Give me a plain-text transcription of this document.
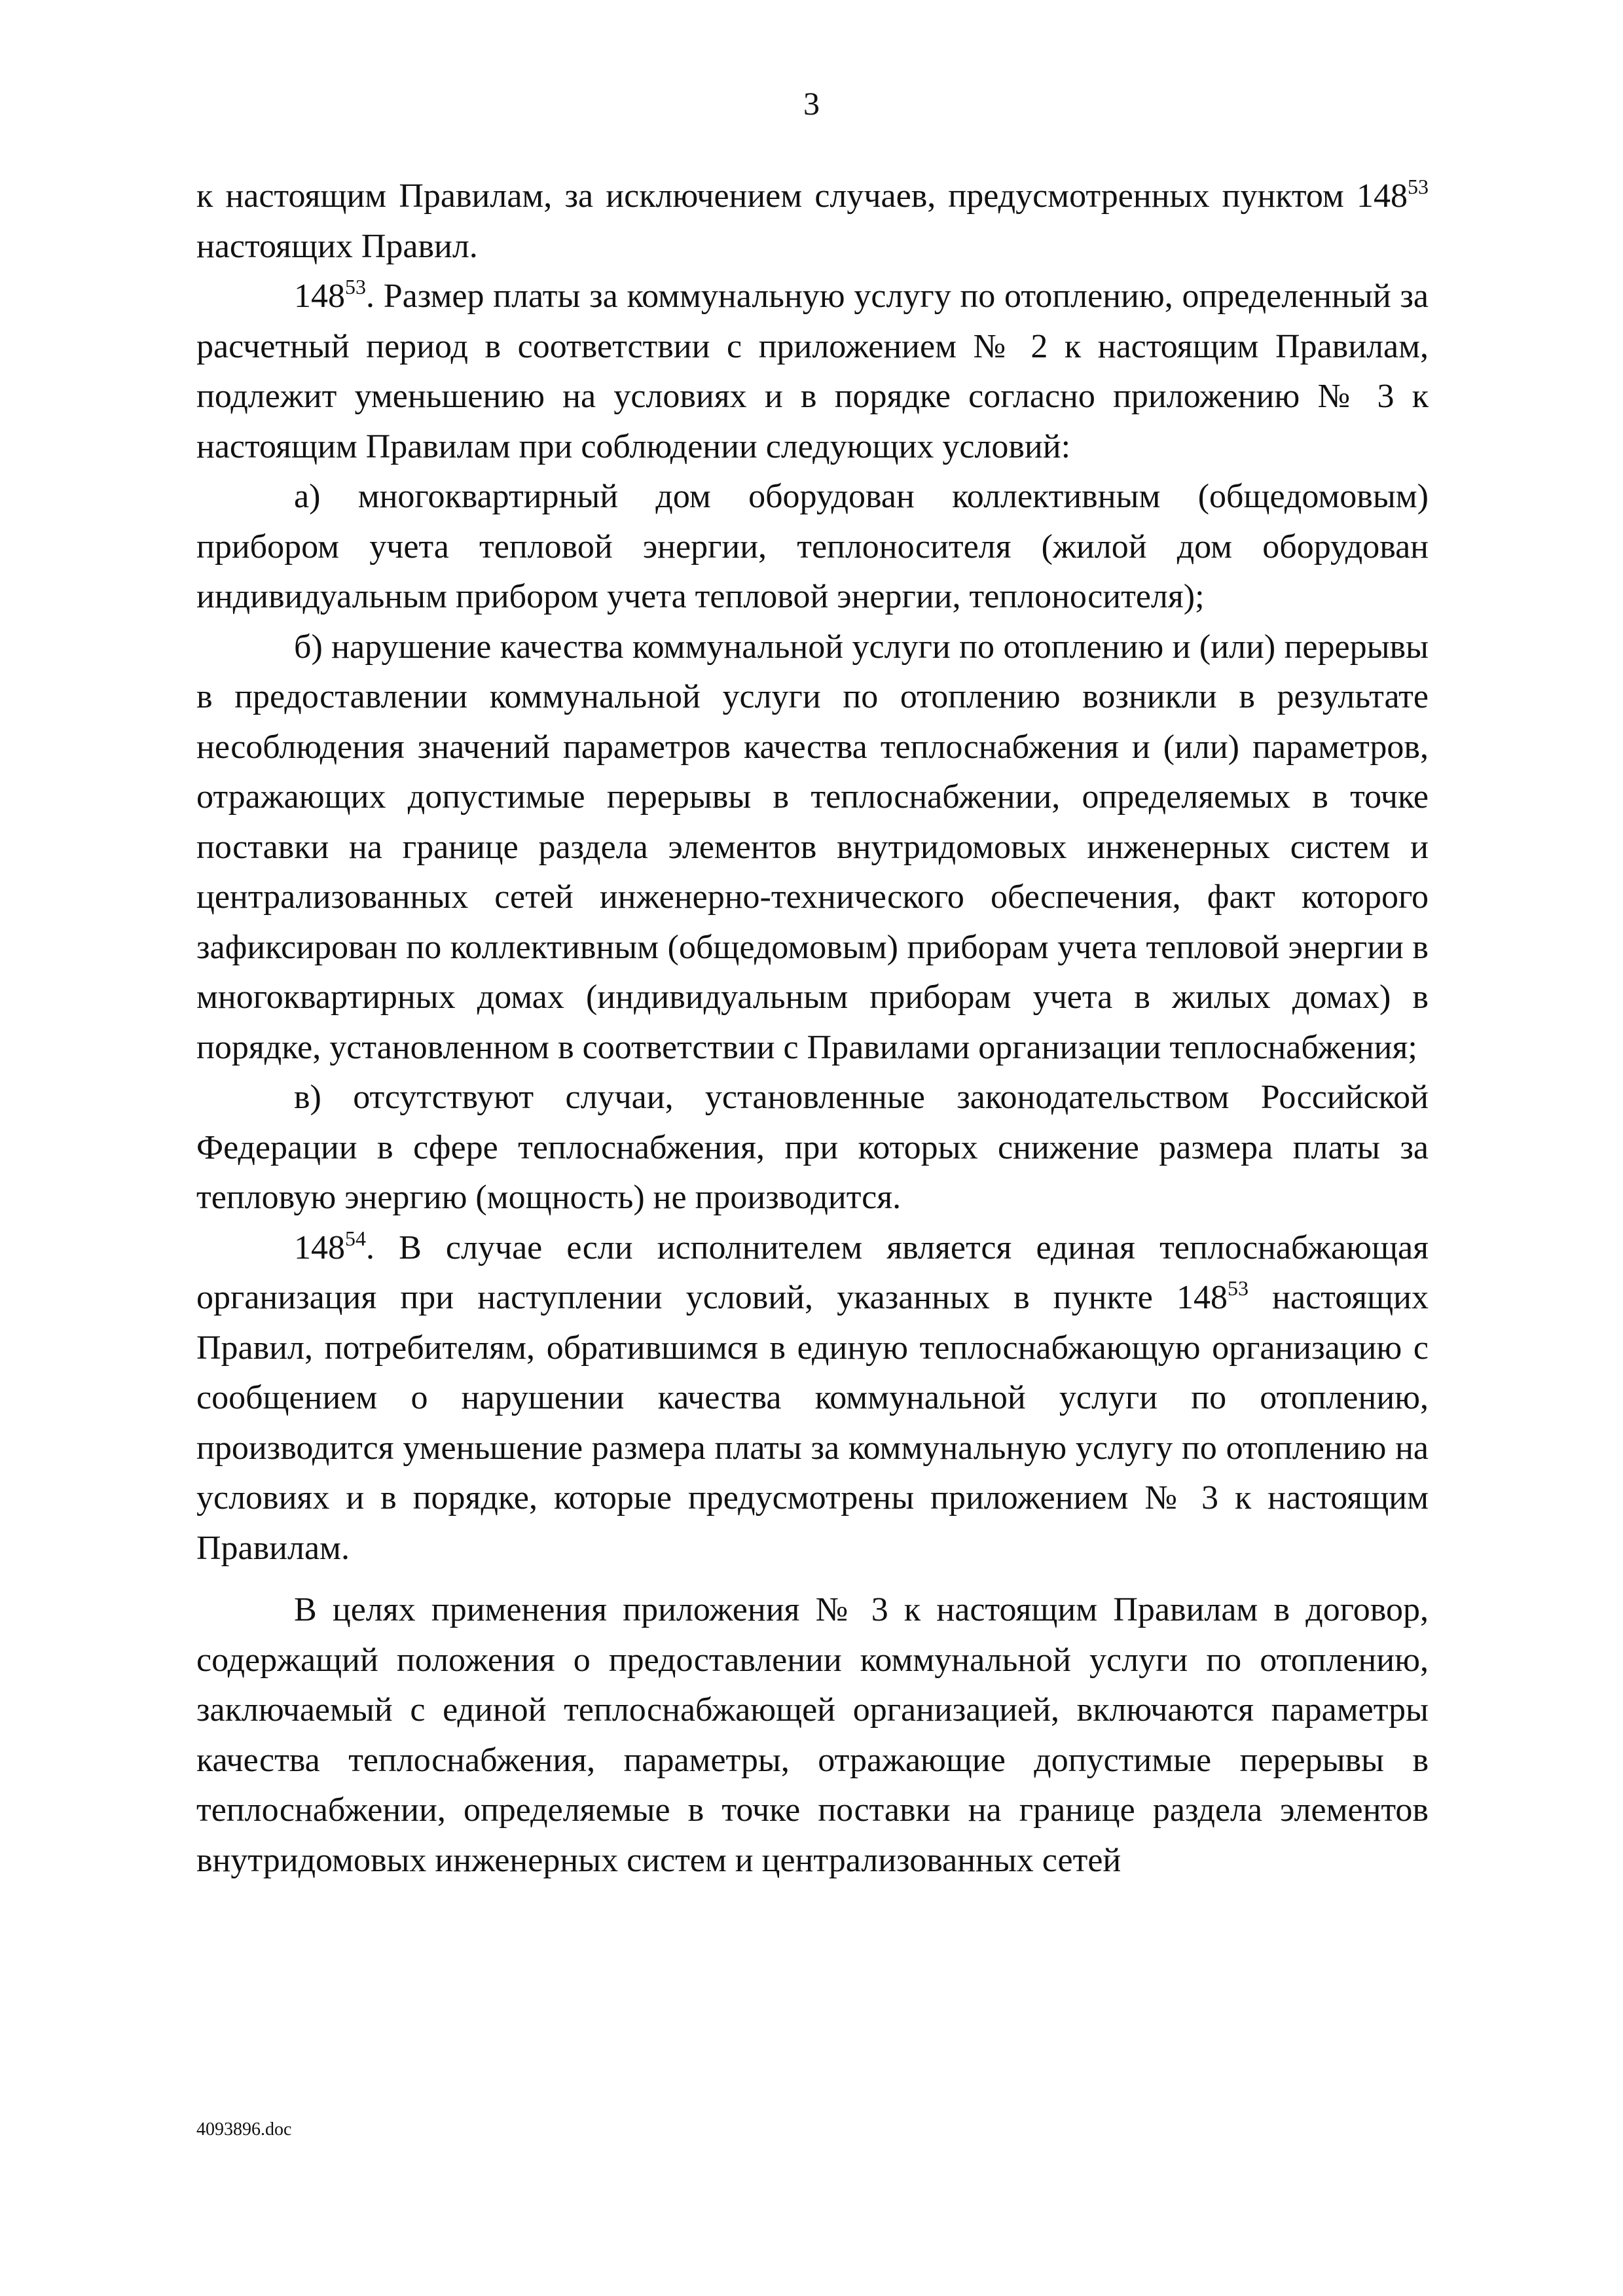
3

к настоящим Правилам, за исключением случаев, предусмотренных пунктом $148^{53}$ настоящих Правил.

$148^{53}$. Размер платы за коммунальную услугу по отоплению, определенный за расчетный период в соответствии с приложением № 2 к настоящим Правилам, подлежит уменьшению на условиях и в порядке согласно приложению № 3 к настоящим Правилам при соблюдении следующих условий:

а) многоквартирный дом оборудован коллективным (общедомовым) прибором учета тепловой энергии, теплоносителя (жилой дом оборудован индивидуальным прибором учета тепловой энергии, теплоносителя);

б) нарушение качества коммунальной услуги по отоплению и (или) перерывы в предоставлении коммунальной услуги по отоплению возникли в результате несоблюдения значений параметров качества теплоснабжения и (или) параметров, отражающих допустимые перерывы в теплоснабжении, определяемых в точке поставки на границе раздела элементов внутридомовых инженерных систем и централизованных сетей инженерно-технического обеспечения, факт которого зафиксирован по коллективным (общедомовым) приборам учета тепловой энергии в многоквартирных домах (индивидуальным приборам учета в жилых домах) в порядке, установленном в соответствии с Правилами организации теплоснабжения;

в) отсутствуют случаи, установленные законодательством Российской Федерации в сфере теплоснабжения, при которых снижение размера платы за тепловую энергию (мощность) не производится.

$148^{54}$. В случае если исполнителем является единая теплоснабжающая организация при наступлении условий, указанных в пункте $148^{53}$ настоящих Правил, потребителям, обратившимся в единую теплоснабжающую организацию с сообщением о нарушении качества коммунальной услуги по отоплению, производится уменьшение размера платы за коммунальную услугу по отоплению на условиях и в порядке, которые предусмотрены приложением № 3 к настоящим Правилам.

В целях применения приложения № 3 к настоящим Правилам в договор, содержащий положения о предоставлении коммунальной услуги по отоплению, заключаемый с единой теплоснабжающей организацией, включаются параметры качества теплоснабжения, параметры, отражающие допустимые перерывы в теплоснабжении, определяемые в точке поставки на границе раздела элементов внутридомовых инженерных систем и централизованных сетей

4093896.doc
